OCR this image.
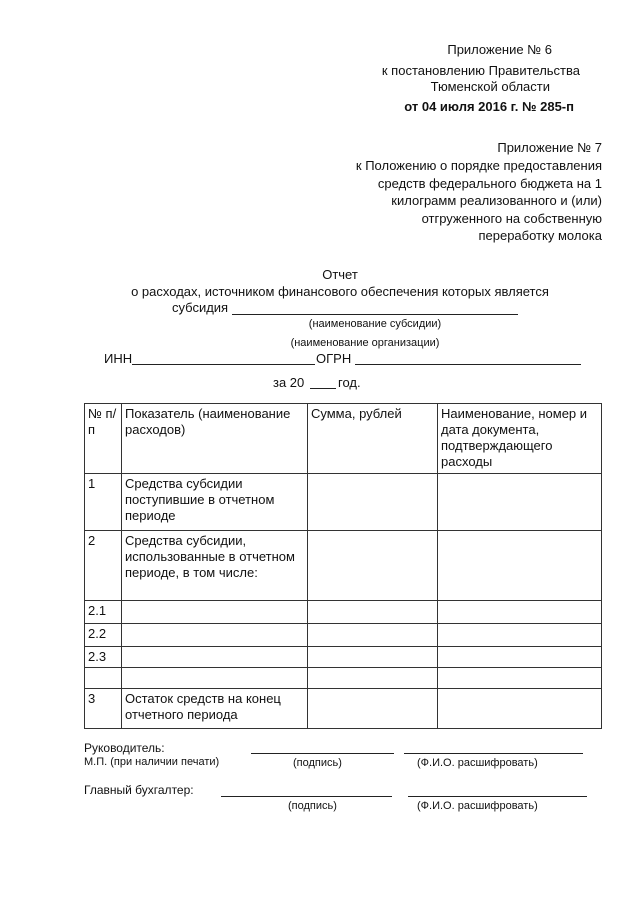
Приложение № 6
к постановлению Правительства
Тюменской области
от 04 июля 2016 г. № 285-п
Приложение № 7
к Положению о порядке предоставления
средств федерального бюджета на 1
килограмм реализованного и (или)
отгруженного на собственную
переработку молока
Отчет
о расходах, источником финансового обеспечения которых является
субсидия
(наименование субсидии)
(наименование организации)
ИНН	ОГРН
за 20	год.
№ п/п	Показатель (наименование расходов)	Сумма, рублей	Наименование, номер и дата документа, подтверждающего расходы
1	Средства субсидии поступившие в отчетном периоде		
2	Средства субсидии, использованные в отчетном периоде, в том числе:		
2.1			
2.2			
2.3			

3	Остаток средств на конец отчетного периода		
Руководитель:
М.П. (при наличии печати)	(подпись)	(Ф.И.О. расшифровать)
Главный бухгалтер:
(подпись)	(Ф.И.О. расшифровать)
